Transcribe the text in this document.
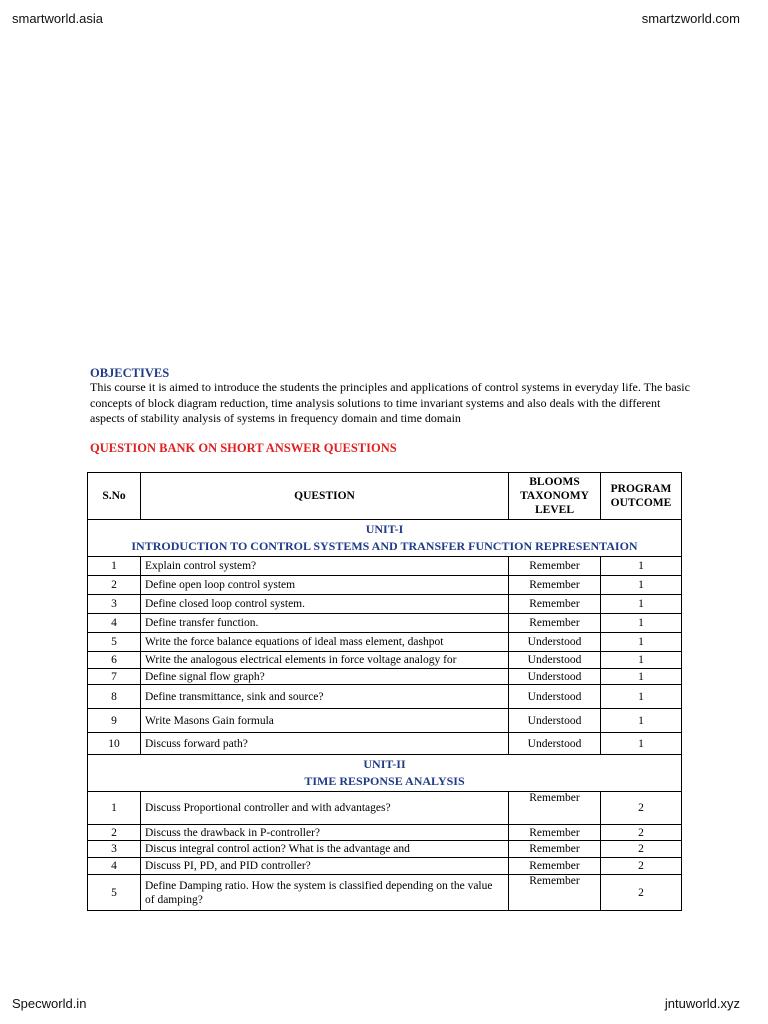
smartworld.asia	smartzworld.com
OBJECTIVES
This course it is aimed to introduce the students the principles and applications of control systems in everyday life. The basic concepts of block diagram reduction, time analysis solutions to time invariant systems and also deals with the different aspects of stability analysis of systems in frequency domain and time domain
QUESTION BANK ON SHORT ANSWER QUESTIONS
S.No	QUESTION	BLOOMS TAXONOMY LEVEL	PROGRAM OUTCOME

UNIT-I
INTRODUCTION TO CONTROL SYSTEMS AND TRANSFER FUNCTION REPRESENTAION			

1	Explain control system?	Remember	1
2	Define open loop control system	Remember	1
3	Define closed loop control system.	Remember	1
4	Define transfer function.	Remember	1
5	Write the force balance equations of ideal mass element, dashpot	Understood	1
6	Write the analogous electrical elements in force voltage analogy for	Understood	1
7	Define signal flow graph?	Understood	1
8	Define transmittance, sink and source?	Understood	1
9	Write Masons Gain formula	Understood	1
10	Discuss forward path?	Understood	1

UNIT-II
TIME RESPONSE ANALYSIS			

1	Discuss Proportional controller and with advantages?	Remember	2
2	Discuss the drawback in P-controller?	Remember	2
3	Discus integral control action? What is the advantage and	Remember	2
4	Discuss PI, PD, and PID controller?	Remember	2
5	Define Damping ratio. How the system is classified depending on the value of damping?	Remember	2
Specworld.in	jntuworld.xyz
